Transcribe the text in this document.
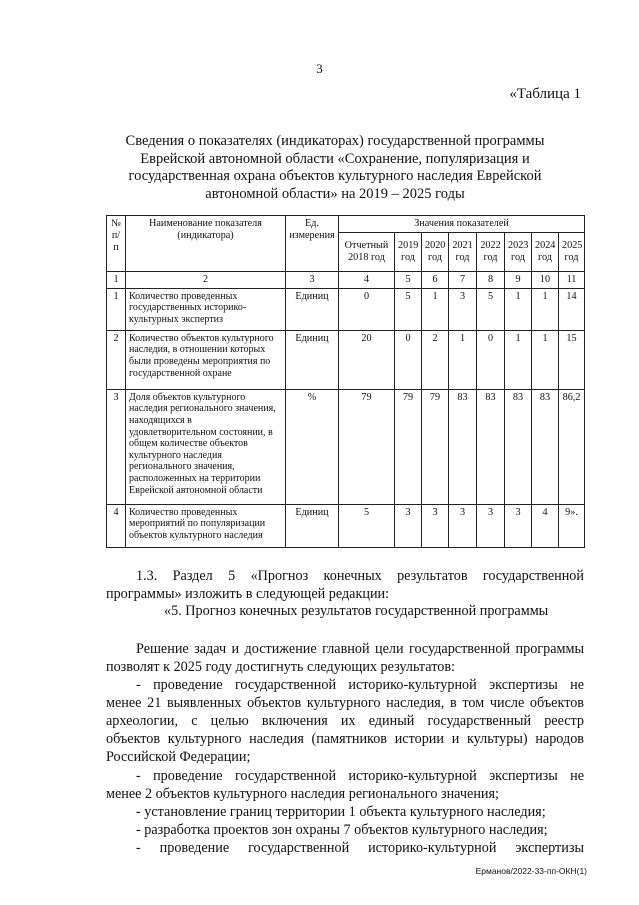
3
«Таблица 1
Сведения о показателях (индикаторах) государственной программы Еврейской автономной области «Сохранение, популяризация и государственная охрана объектов культурного наследия Еврейской автономной области» на 2019 – 2025 годы
№ п/п	Наименование показателя (индикатора)	Ед. измерения	Значения показателей							
			Отчетный 2018 год	2019 год	2020 год	2021 год	2022 год	2023 год	2024 год	2025 год
1	2	3	4	5	6	7	8	9	10	11
1	Количество проведенных государственных историко-культурных экспертиз	Единиц	0	5	1	3	5	1	1	14
2	Количество объектов культурного наследия, в отношении которых были проведены мероприятия по государственной охране	Единиц	20	0	2	1	0	1	1	15
3	Доля объектов культурного наследия регионального значения, находящихся в удовлетворительном состоянии, в общем количестве объектов культурного наследия регионального значения, расположенных на территории Еврейской автономной области	%	79	79	79	83	83	83	83	86,2
4	Количество проведенных мероприятий по популяризации объектов культурного наследия	Единиц	5	3	3	3	3	3	4	9».
1.3. Раздел 5 «Прогноз конечных результатов государственной
программы» изложить в следующей редакции:
«5. Прогноз конечных результатов государственной программы
Решение задач и достижение главной цели государственной программы
позволят к 2025 году достигнуть следующих результатов:
- проведение государственной историко-культурной экспертизы не
менее 21 выявленных объектов культурного наследия, в том числе объектов
археологии, с целью включения их единый государственный реестр
объектов культурного наследия (памятников истории и культуры) народов
Российской Федерации;
- проведение государственной историко-культурной экспертизы не
менее 2 объектов культурного наследия регионального значения;
- установление границ территории 1 объекта культурного наследия;
- разработка проектов зон охраны 7 объектов культурного наследия;
- проведение государственной историко-культурной экспертизы
Ерманов/2022-33-пп-ОКН(1)
